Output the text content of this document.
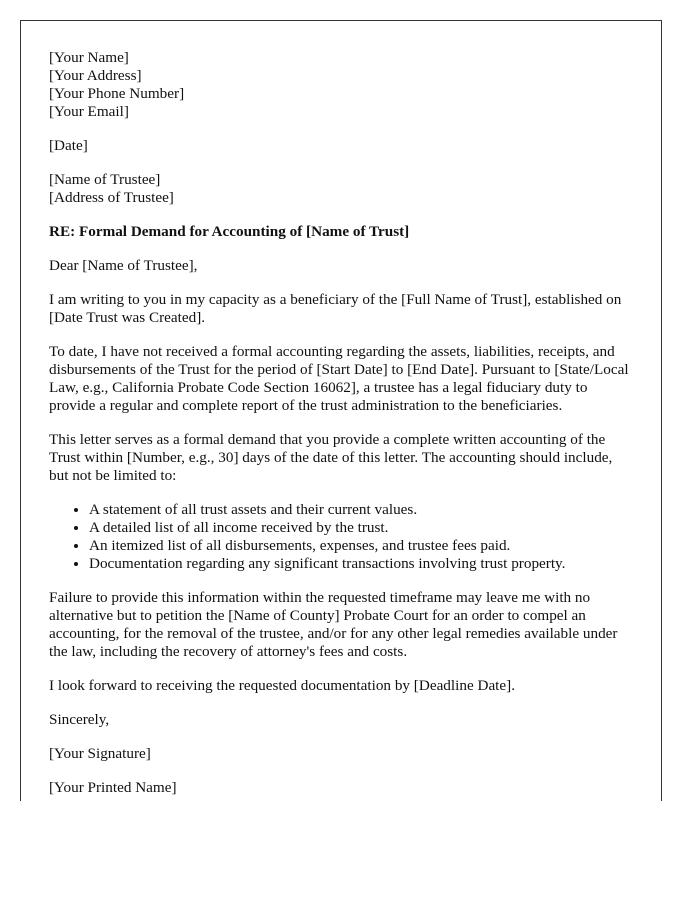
[Your Name]
[Your Address]
[Your Phone Number]
[Your Email]

[Date]

[Name of Trustee]
[Address of Trustee]

RE: Formal Demand for Accounting of [Name of Trust]

Dear [Name of Trustee],

I am writing to you in my capacity as a beneficiary of the [Full Name of Trust], established on [Date Trust was Created].

To date, I have not received a formal accounting regarding the assets, liabilities, receipts, and disbursements of the Trust for the period of [Start Date] to [End Date]. Pursuant to [State/Local Law, e.g., California Probate Code Section 16062], a trustee has a legal fiduciary duty to provide a regular and complete report of the trust administration to the beneficiaries.

This letter serves as a formal demand that you provide a complete written accounting of the Trust within [Number, e.g., 30] days of the date of this letter. The accounting should include, but not be limited to:

• A statement of all trust assets and their current values.
• A detailed list of all income received by the trust.
• An itemized list of all disbursements, expenses, and trustee fees paid.
• Documentation regarding any significant transactions involving trust property.

Failure to provide this information within the requested timeframe may leave me with no alternative but to petition the [Name of County] Probate Court for an order to compel an accounting, for the removal of the trustee, and/or for any other legal remedies available under the law, including the recovery of attorney's fees and costs.

I look forward to receiving the requested documentation by [Deadline Date].

Sincerely,

[Your Signature]

[Your Printed Name]
